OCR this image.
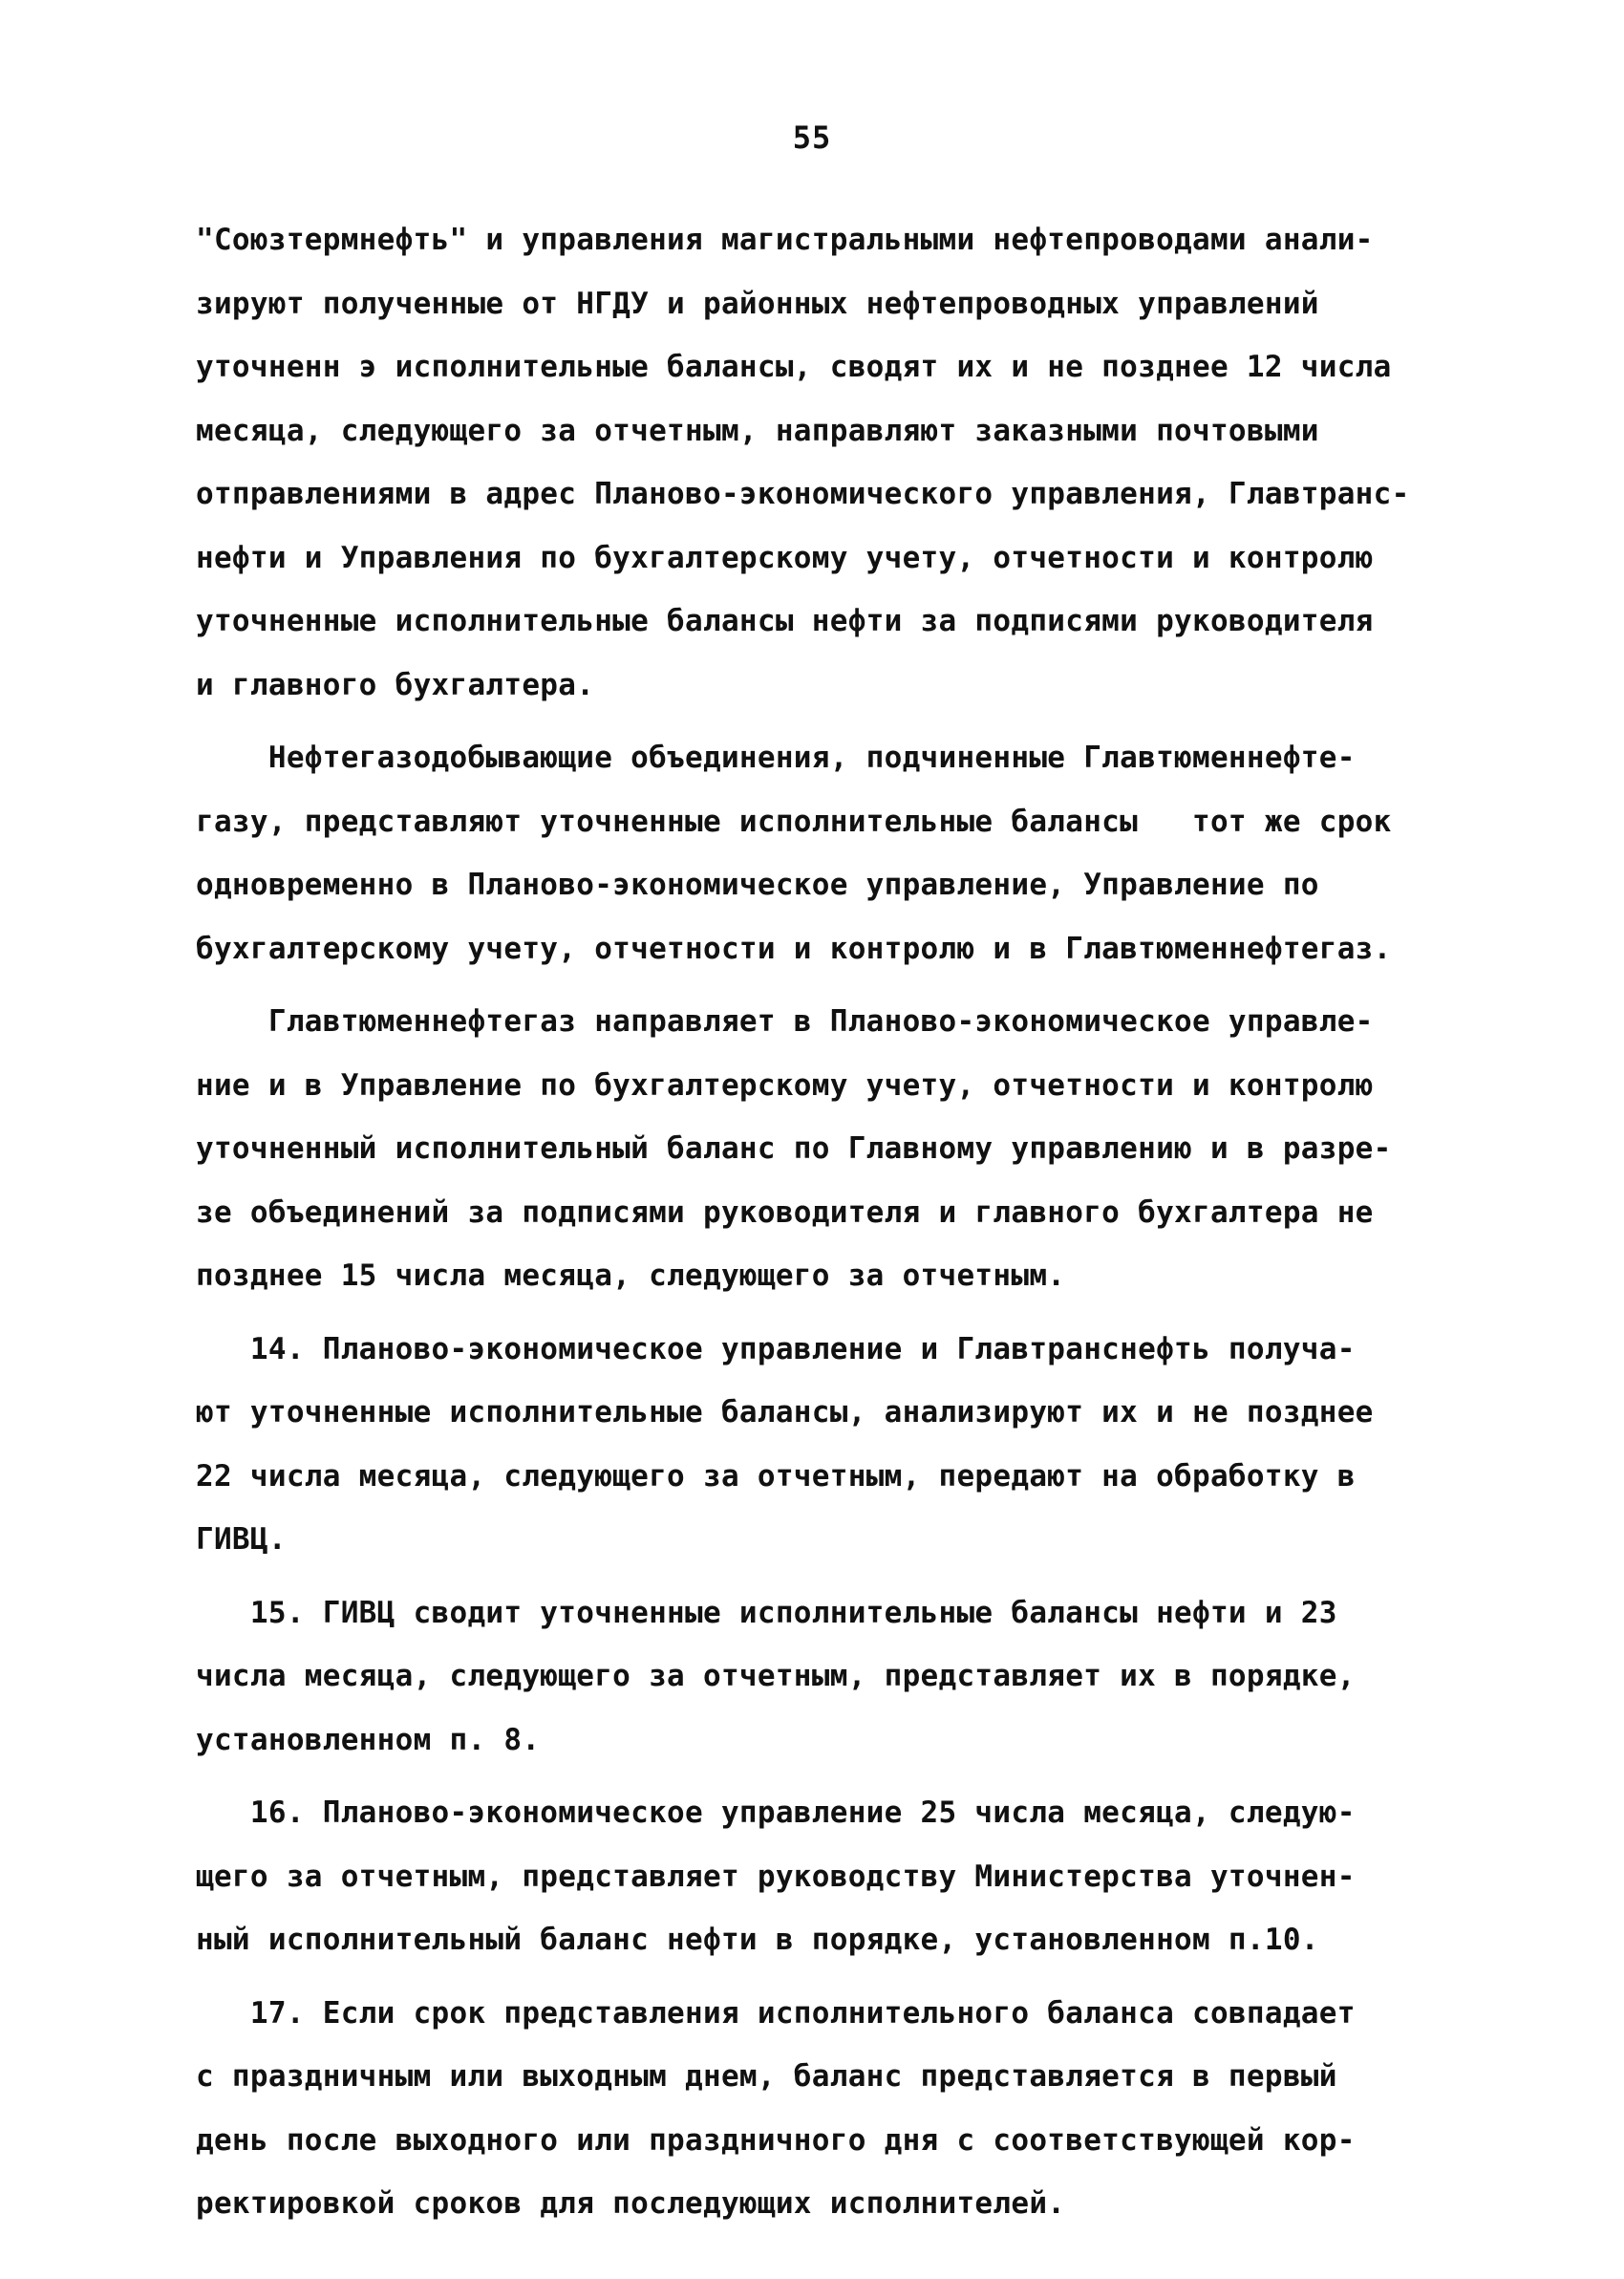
55
"Союзтермнефть" и управления магистральными нефтепроводами анали-
зируют полученные от НГДУ и районных нефтепроводных управлений
уточненн э исполнительные балансы, сводят их и не позднее 12 числа
месяца, следующего за отчетным, направляют заказными почтовыми
отправлениями в адрес Планово-экономического управления, Главтранс-
нефти и Управления по бухгалтерскому учету, отчетности и контролю
уточненные исполнительные балансы нефти за подписями руководителя
и главного бухгалтера.
Нефтегазодобывающие объединения, подчиненные Главтюменнефте-
газу, представляют уточненные исполнительные балансы   тот же срок
одновременно в Планово-экономическое управление, Управление по
бухгалтерскому учету, отчетности и контролю и в Главтюменнефтегаз.
Главтюменнефтегаз направляет в Планово-экономическое управле-
ние и в Управление по бухгалтерскому учету, отчетности и контролю
уточненный исполнительный баланс по Главному управлению и в разре-
зе объединений за подписями руководителя и главного бухгалтера не
позднее 15 числа месяца, следующего за отчетным.
14. Планово-экономическое управление и Главтранснефть получа-
ют уточненные исполнительные балансы, анализируют их и не позднее
22 числа месяца, следующего за отчетным, передают на обработку в
ГИВЦ.
15. ГИВЦ сводит уточненные исполнительные балансы нефти и 23
числа месяца, следующего за отчетным, представляет их в порядке,
установленном п. 8.
16. Планово-экономическое управление 25 числа месяца, следую-
щего за отчетным, представляет руководству Министерства уточнен-
ный исполнительный баланс нефти в порядке, установленном п.10.
17. Если срок представления исполнительного баланса совпадает
с праздничным или выходным днем, баланс представляется в первый
день после выходного или праздничного дня с соответствующей кор-
ректировкой сроков для последующих исполнителей.
